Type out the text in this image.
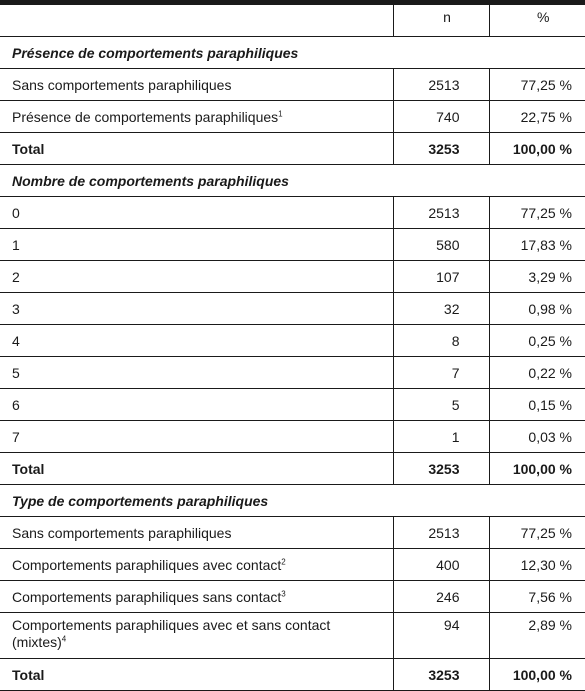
	n	%
Présence de comportements paraphiliques		
Sans comportements paraphiliques	2513	77,25 %
Présence de comportements paraphiliques$^1$	740	22,75 %
Total	3253	100,00 %
Nombre de comportements paraphiliques		
0	2513	77,25 %
1	580	17,83 %
2	107	3,29 %
3	32	0,98 %
4	8	0,25 %
5	7	0,22 %
6	5	0,15 %
7	1	0,03 %
Total	3253	100,00 %
Type de comportements paraphiliques		
Sans comportements paraphiliques	2513	77,25 %
Comportements paraphiliques avec contact$^2$	400	12,30 %
Comportements paraphiliques sans contact$^3$	246	7,56 %
Comportements paraphiliques avec et sans contact (mixtes)$^4$	94	2,89 %
Total	3253	100,00 %
